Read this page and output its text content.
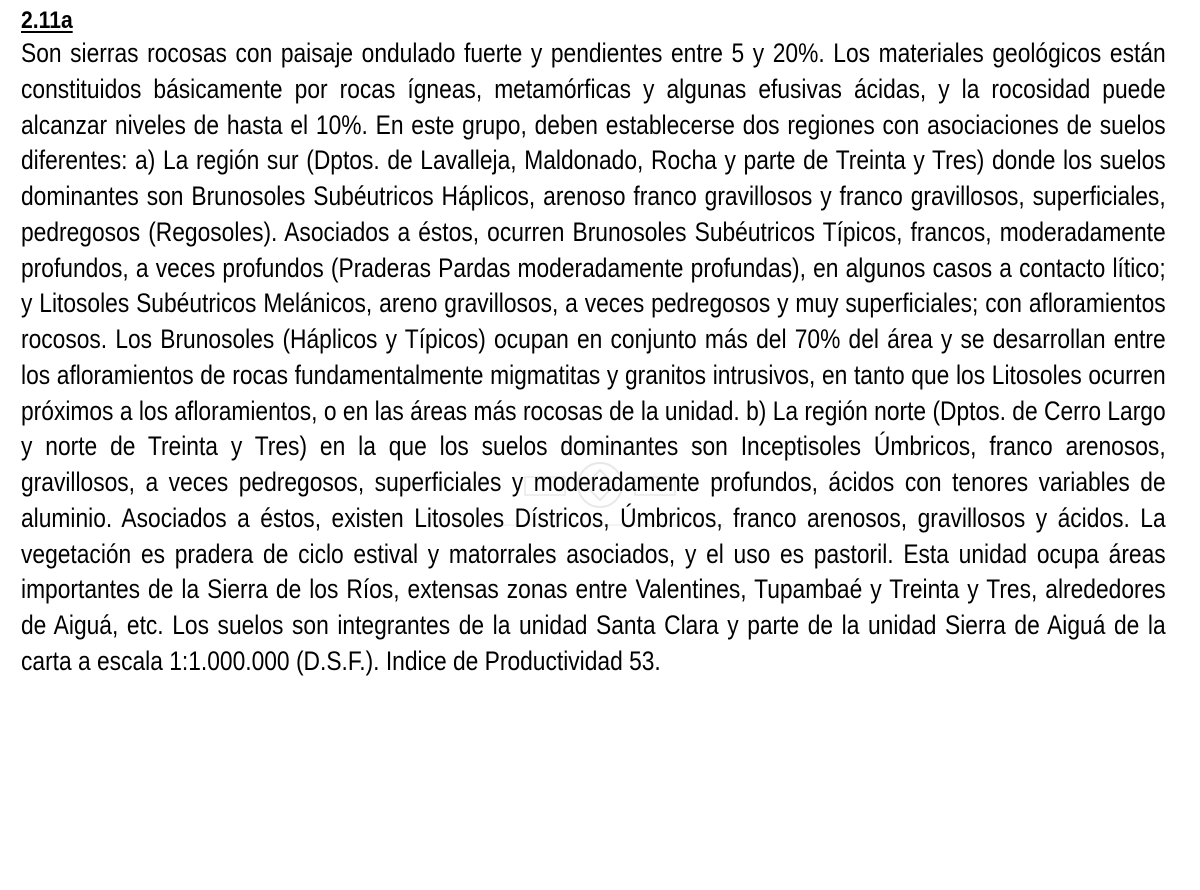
2.11a

Son sierras rocosas con paisaje ondulado fuerte y pendientes entre 5 y 20%. Los materiales geológicos están constituidos básicamente por rocas ígneas, metamórficas y algunas efusivas ácidas, y la rocosidad puede alcanzar niveles de hasta el 10%. En este grupo, deben establecerse dos regiones con asociaciones de suelos diferentes: a) La región sur (Dptos. de Lavalleja, Maldonado, Rocha y parte de Treinta y Tres) donde los suelos dominantes son Brunosoles Subéutricos Háplicos, arenoso franco gravillosos y franco gravillosos, superficiales, pedregosos (Regosoles). Asociados a éstos, ocurren Brunosoles Subéutricos Típicos, francos, moderadamente profundos, a veces profundos (Praderas Pardas moderadamente profundas), en algunos casos a contacto lítico; y Litosoles Subéutricos Melánicos, areno gravillosos, a veces pedregosos y muy superficiales; con afloramientos rocosos. Los Brunosoles (Háplicos y Típicos) ocupan en conjunto más del 70% del área y se desarrollan entre los afloramientos de rocas fundamentalmente migmatitas y granitos intrusivos, en tanto que los Litosoles ocurren próximos a los afloramientos, o en las áreas más rocosas de la unidad. b) La región norte (Dptos. de Cerro Largo y norte de Treinta y Tres) en la que los suelos dominantes son Inceptisoles Úmbricos, franco arenosos, gravillosos, a veces pedregosos, superficiales y moderadamente profundos, ácidos con tenores variables de aluminio. Asociados a éstos, existen Litosoles Dístricos, Úmbricos, franco arenosos, gravillosos y ácidos. La vegetación es pradera de ciclo estival y matorrales asociados, y el uso es pastoril. Esta unidad ocupa áreas importantes de la Sierra de los Ríos, extensas zonas entre Valentines, Tupambaé y Treinta y Tres, alrededores de Aiguá, etc. Los suelos son integrantes de la unidad Santa Clara y parte de la unidad Sierra de Aiguá de la carta a escala 1:1.000.000 (D.S.F.). Indice de Productividad 53.
